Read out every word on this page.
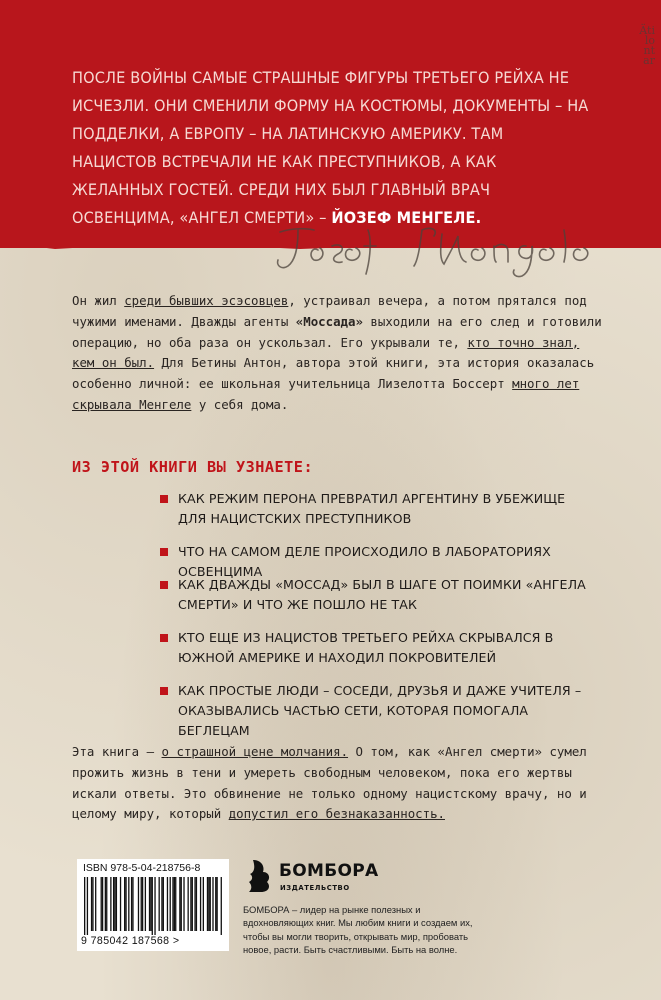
Äti
lo
nt
ar
ПОСЛЕ ВОЙНЫ САМЫЕ СТРАШНЫЕ ФИГУРЫ ТРЕТЬЕГО РЕЙХА НЕ ИСЧЕЗЛИ. ОНИ СМЕНИЛИ ФОРМУ НА КОСТЮМЫ, ДОКУМЕНТЫ – НА ПОДДЕЛКИ, А ЕВРОПУ – НА ЛАТИНСКУЮ АМЕРИКУ. ТАМ НАЦИСТОВ ВСТРЕЧАЛИ НЕ КАК ПРЕСТУПНИКОВ, А КАК ЖЕЛАННЫХ ГОСТЕЙ. СРЕДИ НИХ БЫЛ ГЛАВНЫЙ ВРАЧ ОСВЕНЦИМА, «АНГЕЛ СМЕРТИ» – ЙОЗЕФ МЕНГЕЛЕ.
Он жил среди бывших эсэсовцев, устраивал вечера, а потом прятался под чужими именами. Дважды агенты «Моссада» выходили на его след и готовили операцию, но оба раза он ускользал. Его укрывали те, кто точно знал, кем он был. Для Бетины Антон, автора этой книги, эта история оказалась особенно личной: ее школьная учительница Лизелотта Боссерт много лет скрывала Менгеле у себя дома.
ИЗ ЭТОЙ КНИГИ ВЫ УЗНАЕТЕ:
КАК РЕЖИМ ПЕРОНА ПРЕВРАТИЛ АРГЕНТИНУ В УБЕЖИЩЕ ДЛЯ НАЦИСТСКИХ ПРЕСТУПНИКОВ
ЧТО НА САМОМ ДЕЛЕ ПРОИСХОДИЛО В ЛАБОРАТОРИЯХ ОСВЕНЦИМА
КАК ДВАЖДЫ «МОССАД» БЫЛ В ШАГЕ ОТ ПОИМКИ «АНГЕЛА СМЕРТИ» И ЧТО ЖЕ ПОШЛО НЕ ТАК
КТО ЕЩЕ ИЗ НАЦИСТОВ ТРЕТЬЕГО РЕЙХА СКРЫВАЛСЯ В ЮЖНОЙ АМЕРИКЕ И НАХОДИЛ ПОКРОВИТЕЛЕЙ
КАК ПРОСТЫЕ ЛЮДИ – СОСЕДИ, ДРУЗЬЯ И ДАЖЕ УЧИТЕЛЯ – ОКАЗЫВАЛИСЬ ЧАСТЬЮ СЕТИ, КОТОРАЯ ПОМОГАЛА БЕГЛЕЦАМ
Эта книга — о страшной цене молчания. О том, как «Ангел смерти» сумел прожить жизнь в тени и умереть свободным человеком, пока его жертвы искали ответы. Это обвинение не только одному нацистскому врачу, но и целому миру, который допустил его безнаказанность.
ISBN 978-5-04-218756-8
9 785042 187568 >
БОМБОРА
ИЗДАТЕЛЬСТВО
БОМБОРА – лидер на рынке полезных и вдохновляющих книг. Мы любим книги и создаем их, чтобы вы могли творить, открывать мир, пробовать новое, расти. Быть счастливыми. Быть на волне.
